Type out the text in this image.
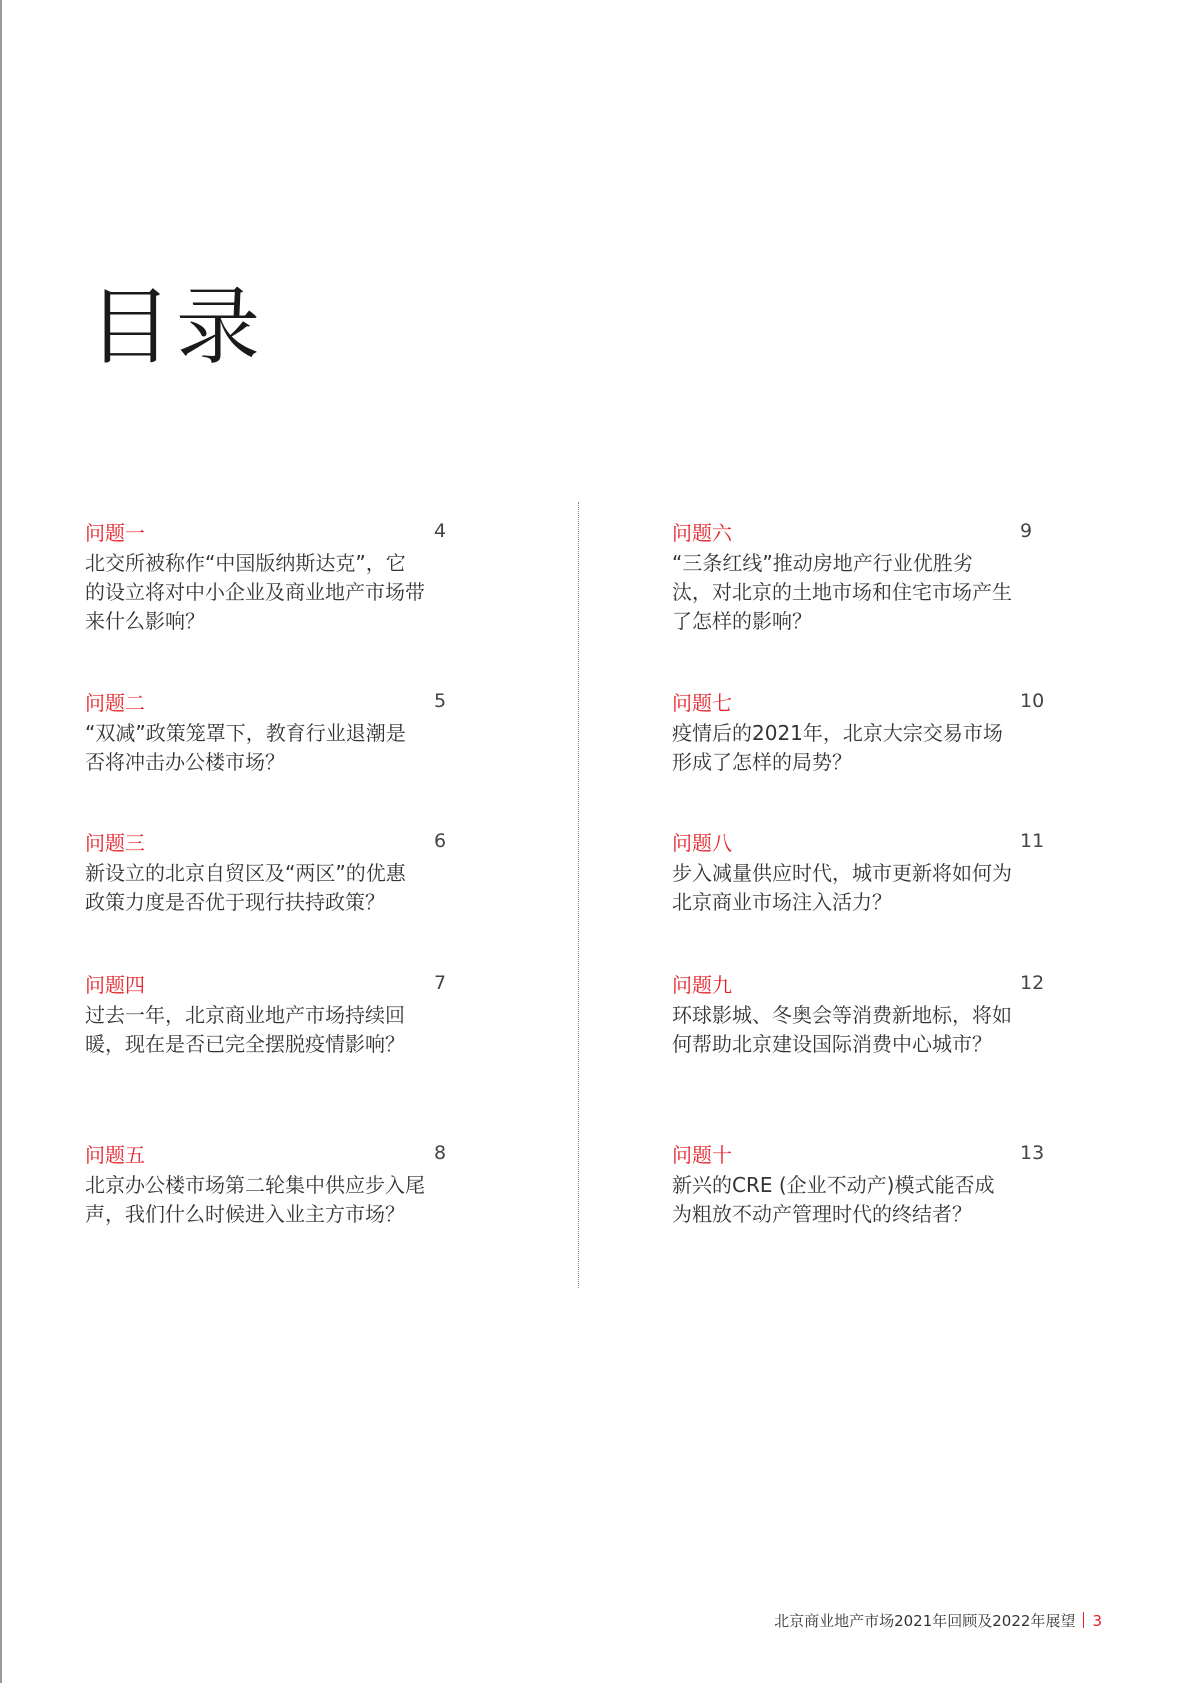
目录
问题一
北交所被称作“中国版纳斯达克”，它的设立将对中小企业及商业地产市场带来什么影响？
4
问题二
“双减”政策笼罩下，教育行业退潮是否将冲击办公楼市场？
5
问题三
新设立的北京自贸区及“两区”的优惠政策力度是否优于现行扶持政策？
6
问题四
过去一年，北京商业地产市场持续回暖，现在是否已完全摆脱疫情影响？
7
问题五
北京办公楼市场第二轮集中供应步入尾声，我们什么时候进入业主方市场？
8
问题六
“三条红线”推动房地产行业优胜劣汰，对北京的土地市场和住宅市场产生了怎样的影响？
9
问题七
疫情后的2021年，北京大宗交易市场形成了怎样的局势？
10
问题八
步入减量供应时代，城市更新将如何为北京商业市场注入活力？
11
问题九
环球影城、冬奥会等消费新地标，将如何帮助北京建设国际消费中心城市？
12
问题十
新兴的CRE (企业不动产)模式能否成为粗放不动产管理时代的终结者？
13
北京商业地产市场2021年回顾及2022年展望 3
